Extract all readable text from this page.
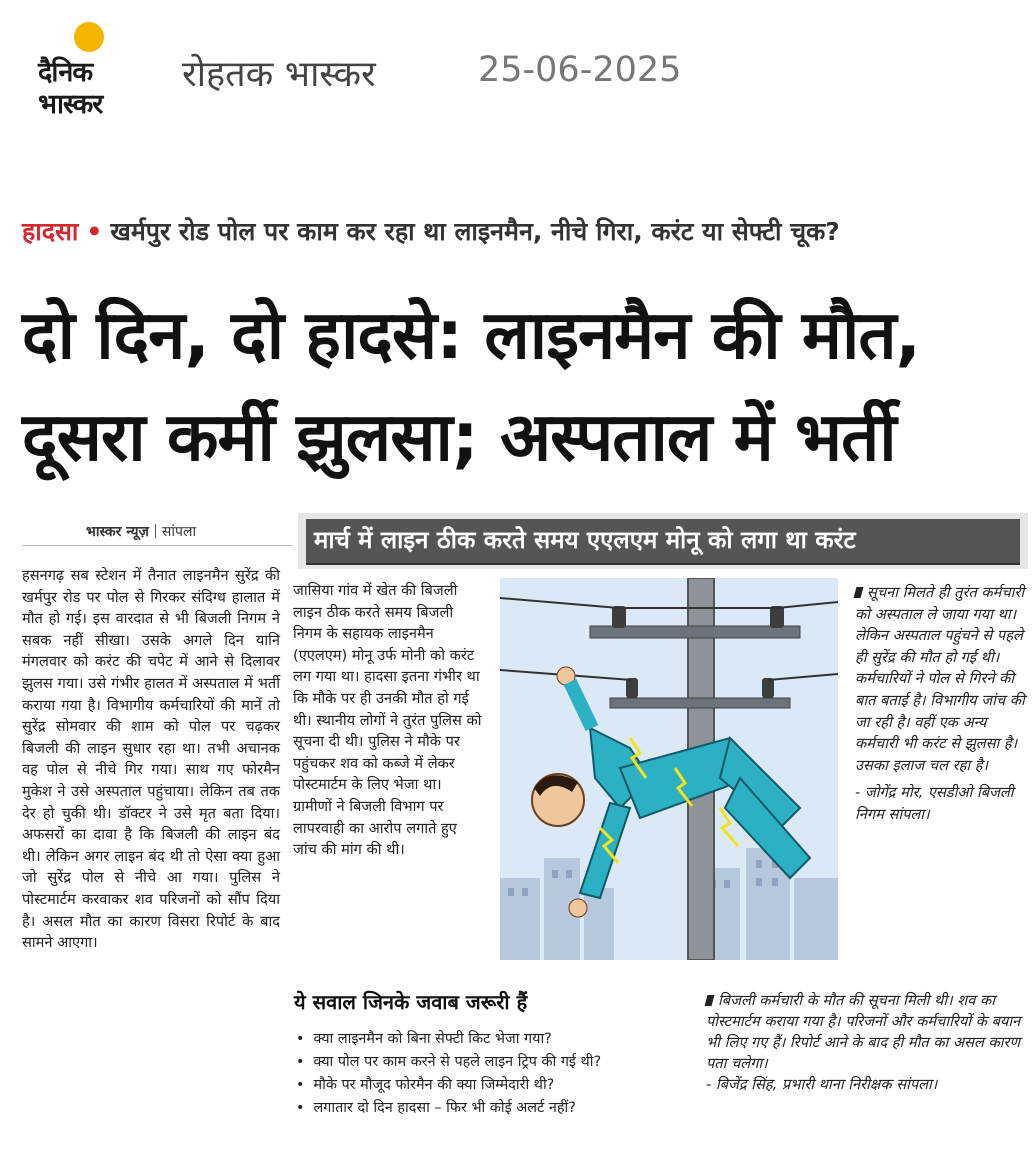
दैनिक
भास्कर
रोहतक भास्कर	25-06-2025
हादसा • खर्मपुर रोड पोल पर काम कर रहा था लाइनमैन, नीचे गिरा, करंट या सेफ्टी चूक?
दो दिन, दो हादसे: लाइनमैन की मौत,
दूसरा कर्मी झुलसा; अस्पताल में भर्ती
भास्कर न्यूज़ सांपला
हसनगढ़ सब स्टेशन में तैनात लाइनमैन सुरेंद्र की खर्मपुर रोड पर पोल से गिरकर संदिग्ध हालात में मौत हो गई। इस वारदात से भी बिजली निगम ने सबक नहीं सीखा। उसके अगले दिन यानि मंगलवार को करंट की चपेट में आने से दिलावर झुलस गया। उसे गंभीर हालत में अस्पताल में भर्ती कराया गया है। विभागीय कर्मचारियों की मानें तो सुरेंद्र सोमवार की शाम को पोल पर चढ़कर बिजली की लाइन सुधार रहा था। तभी अचानक वह पोल से नीचे गिर गया। साथ गए फोरमैन मुकेश ने उसे अस्पताल पहुंचाया। लेकिन तब तक देर हो चुकी थी। डॉक्टर ने उसे मृत बता दिया। अफसरों का दावा है कि बिजली की लाइन बंद थी। लेकिन अगर लाइन बंद थी तो ऐसा क्या हुआ जो सुरेंद्र पोल से नीचे आ गया। पुलिस ने पोस्टमार्टम करवाकर शव परिजनों को सौंप दिया है। असल मौत का कारण विसरा रिपोर्ट के बाद सामने आएगा।
मार्च में लाइन ठीक करते समय एएलएम मोनू को लगा था करंट
जासिया गांव में खेत की बिजली लाइन ठीक करते समय बिजली निगम के सहायक लाइनमैन (एएलएम) मोनू उर्फ मोनी को करंट लग गया था। हादसा इतना गंभीर था कि मौके पर ही उनकी मौत हो गई थी। स्थानीय लोगों ने तुरंत पुलिस को सूचना दी थी। पुलिस ने मौके पर पहुंचकर शव को कब्जे में लेकर पोस्टमार्टम के लिए भेजा था। ग्रामीणों ने बिजली विभाग पर लापरवाही का आरोप लगाते हुए जांच की मांग की थी।
सूचना मिलते ही तुरंत कर्मचारी को अस्पताल ले जाया गया था। लेकिन अस्पताल पहुंचने से पहले ही सुरेंद्र की मौत हो गई थी। कर्मचारियों ने पोल से गिरने की बात बताई है। विभागीय जांच की जा रही है। वहीं एक अन्य कर्मचारी भी करंट से झुलसा है। उसका इलाज चल रहा है।
- जोगेंद्र मोर, एसडीओ बिजली निगम सांपला।
ये सवाल जिनके जवाब जरूरी हैं
• क्या लाइनमैन को बिना सेफ्टी किट भेजा गया?
• क्या पोल पर काम करने से पहले लाइन ट्रिप की गई थी?
• मौके पर मौजूद फोरमैन की क्या जिम्मेदारी थी?
• लगातार दो दिन हादसा – फिर भी कोई अलर्ट नहीं?
बिजली कर्मचारी के मौत की सूचना मिली थी। शव का पोस्टमार्टम कराया गया है। परिजनों और कर्मचारियों के बयान भी लिए गए हैं। रिपोर्ट आने के बाद ही मौत का असल कारण पता चलेगा।
- बिजेंद्र सिंह, प्रभारी थाना निरीक्षक सांपला।
